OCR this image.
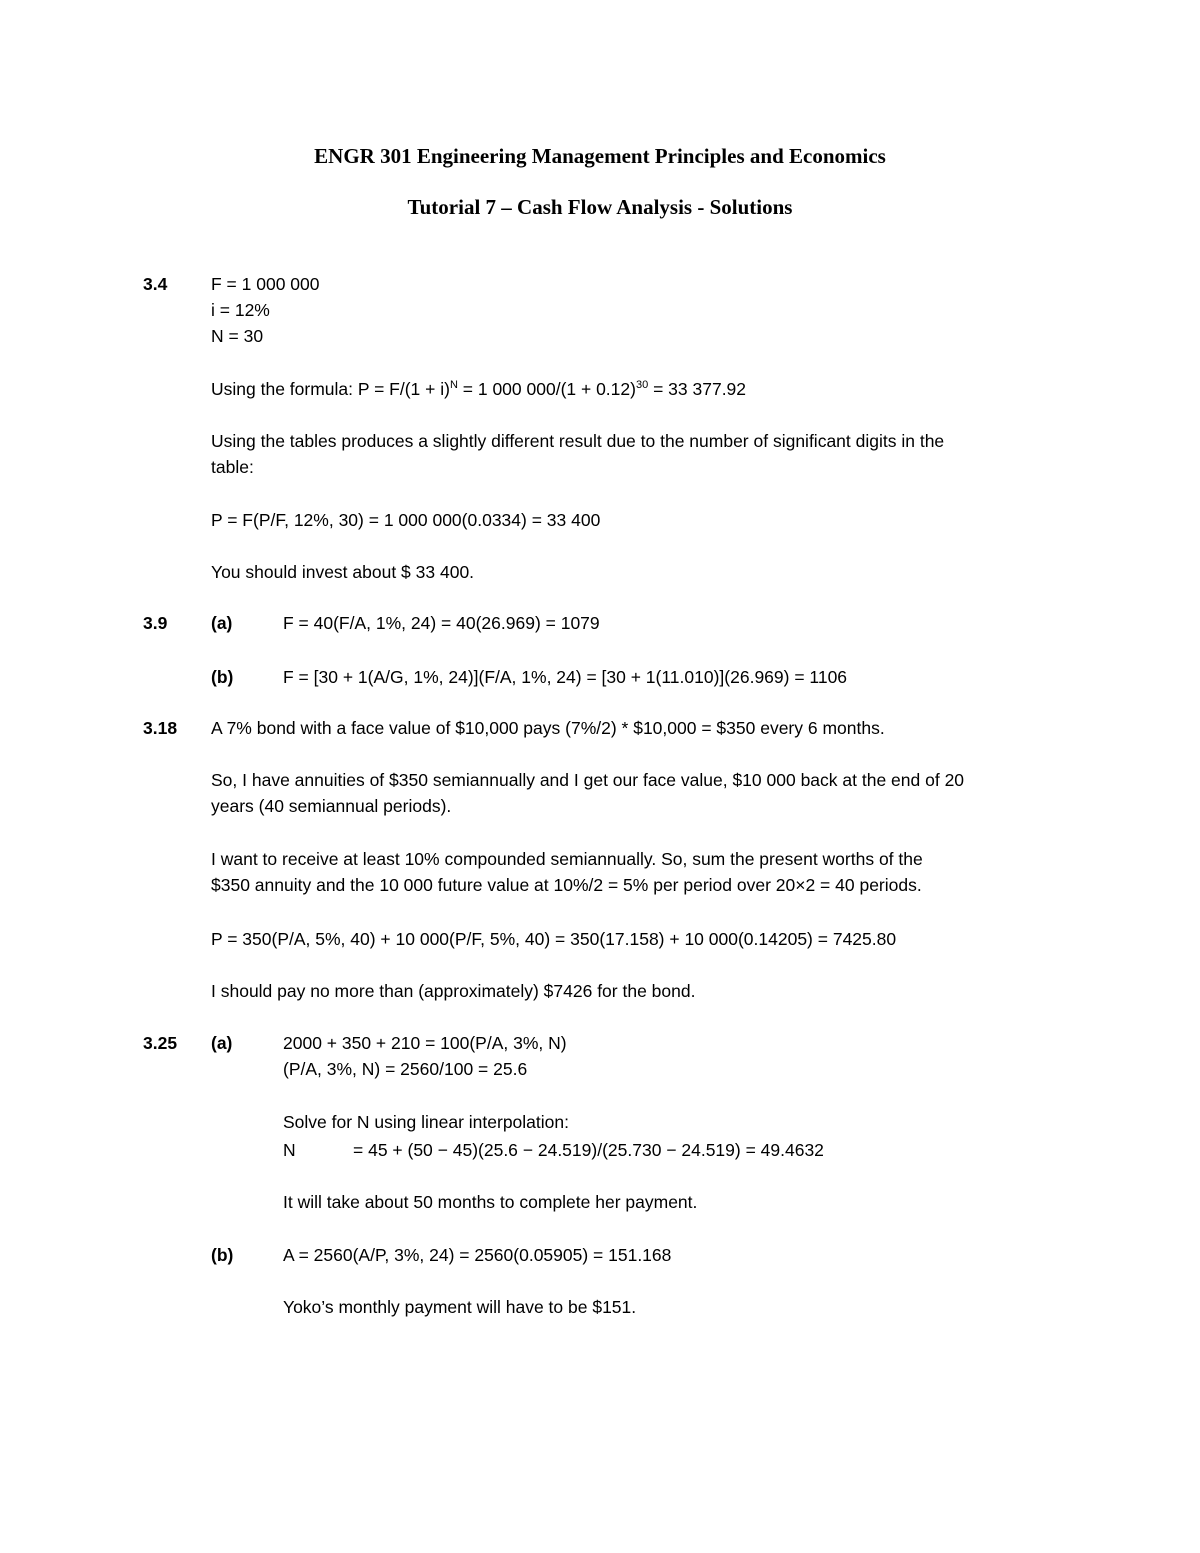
ENGR 301 Engineering Management Principles and Economics
Tutorial 7 – Cash Flow Analysis - Solutions
3.4 F = 1 000 000
i = 12%
N = 30
Using the formula: $P = F/(1 + i)^N = 1$ 000 $000/(1 + 0.12)^{30} = 33$ 377.92
Using the tables produces a slightly different result due to the number of significant digits in the
table:
P = F(P/F, 12%, 30) = 1 000 000(0.0334) = 33 400
You should invest about $ 33 400.
3.9 (a)	F = 40(F/A, 1%, 24) = 40(26.969) = 1079
(b)	F = [30 + 1(A/G, 1%, 24)](F/A, 1%, 24) = [30 + 1(11.010)](26.969) = 1106
3.18 A 7% bond with a face value of $10,000 pays (7%/2) * $10,000 = $350 every 6 months.
So, I have annuities of $350 semiannually and I get our face value, $10 000 back at the end of 20
years (40 semiannual periods).
I want to receive at least 10% compounded semiannually. So, sum the present worths of the
$350 annuity and the 10 000 future value at 10%/2 = 5% per period over 20×2 = 40 periods.
P = 350(P/A, 5%, 40) + 10 000(P/F, 5%, 40) = 350(17.158) + 10 000(0.14205) = 7425.80
I should pay no more than (approximately) $7426 for the bond.
3.25 (a)	2000 + 350 + 210 = 100(P/A, 3%, N)
(P/A, 3%, N) = 2560/100 = 25.6
Solve for N using linear interpolation:
N	= 45 + (50 − 45)(25.6 − 24.519)/(25.730 − 24.519) = 49.4632
It will take about 50 months to complete her payment.
(b)	A = 2560(A/P, 3%, 24) = 2560(0.05905) = 151.168
Yoko’s monthly payment will have to be $151.
